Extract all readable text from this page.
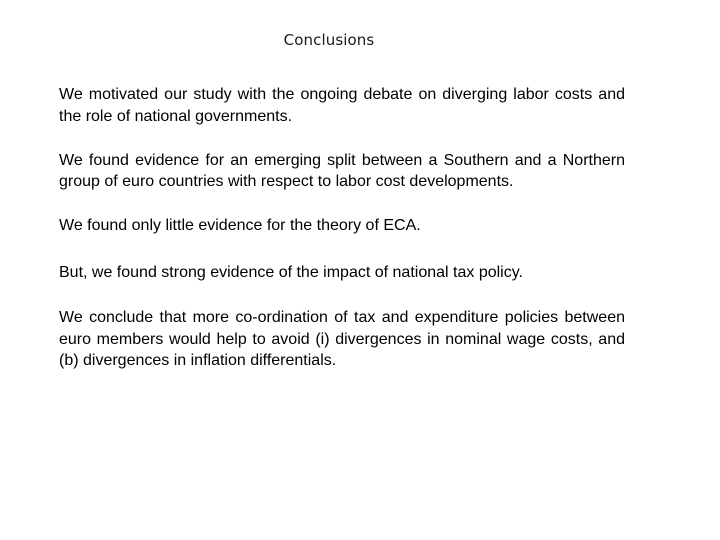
Conclusions

We motivated our study with the ongoing debate on diverging labor costs and the role of national governments.

We found evidence for an emerging split between a Southern and a Northern group of euro countries with respect to labor cost developments.

We found only little evidence for the theory of ECA.

But, we found strong evidence of the impact of national tax policy.

We conclude that more co-ordination of tax and expenditure policies between euro members would help to avoid (i) divergences in nominal wage costs, and (b) divergences in inflation differentials.
